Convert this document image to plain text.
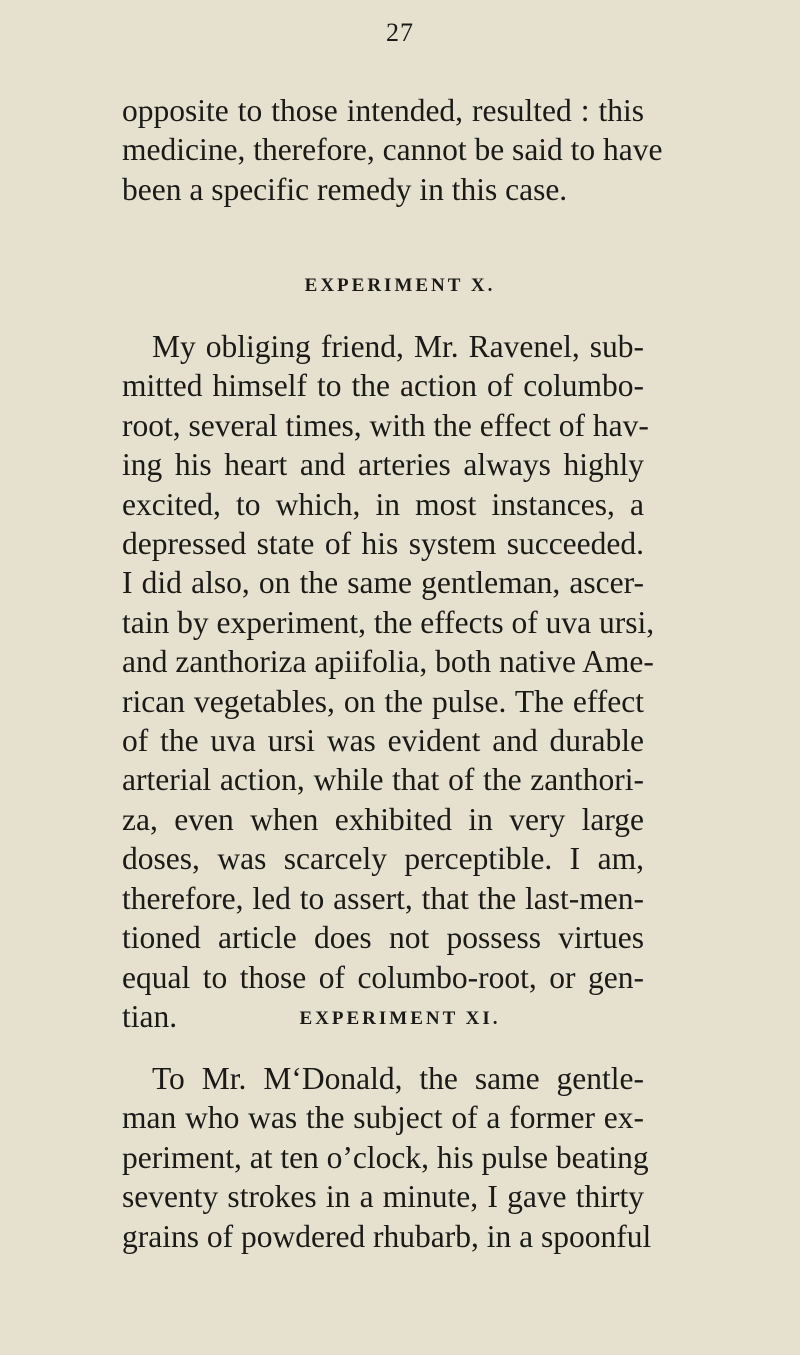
27

opposite to those intended, resulted : this
medicine, therefore, cannot be said to have
been a specific remedy in this case.

EXPERIMENT X.

My obliging friend, Mr. Ravenel, sub-
mitted himself to the action of columbo-
root, several times, with the effect of hav-
ing his heart and arteries always highly
excited, to which, in most instances, a
depressed state of his system succeeded.
I did also, on the same gentleman, ascer-
tain by experiment, the effects of uva ursi,
and zanthoriza apiifolia, both native Ame-
rican vegetables, on the pulse. The effect
of the uva ursi was evident and durable
arterial action, while that of the zanthori-
za, even when exhibited in very large
doses, was scarcely perceptible. I am,
therefore, led to assert, that the last-men-
tioned article does not possess virtues
equal to those of columbo-root, or gen-
tian.	EXPERIMENT XI.

To Mr. M‘Donald, the same gentle-
man who was the subject of a former ex-
periment, at ten o’clock, his pulse beating
seventy strokes in a minute, I gave thirty
grains of powdered rhubarb, in a spoonful
